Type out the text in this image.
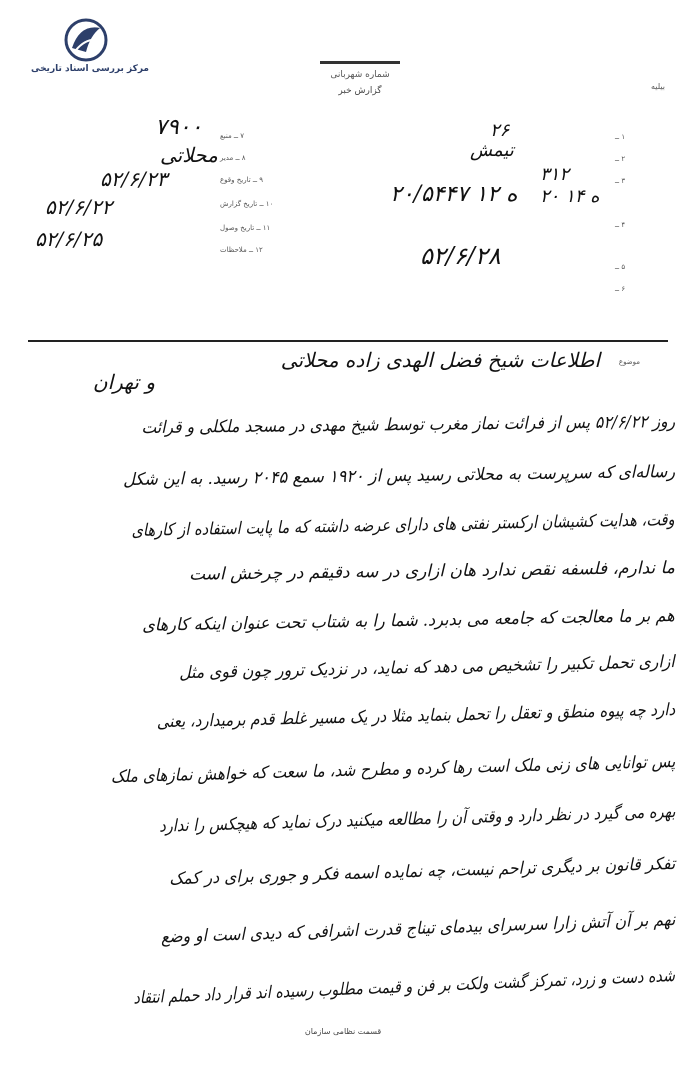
مرکز بررسی اسناد تاریخی
شماره شهربانی
گزارش خبر	بیلیه
۷۹۰۰
محلاتی
۵۲/۶/۲۳
۵۲/۶/۲۲
۵۲/۶/۲۵
۷ ــ منبع
۸ ــ مدیر
۹ ــ تاریخ وقوع
۱۰ ــ تاریخ گزارش
۱۱ ــ تاریخ وصول
۱۲ ــ ملاحظات
۲۶
تیمش
۳۱۲
۲۰ ه ۱۴
۲۰/۵۴۴۷ ه ۱۲
۵۲/۶/۲۸
۱ ــ
۲ ــ
۳ ــ
۴ ــ
۵ ــ
۶ ــ
موضوع
اطلاعات شیخ فضل الهدی زاده محلاتی
و تهران
روز ۵۲/۶/۲۲ پس از فرائت نماز مغرب توسط شیخ مهدی در مسجد ملکلی و قرائت
رساله‌ای که سرپرست به محلاتی رسید پس از ۱۹۲۰ سمع ۲۰۴۵ رسید. به این شکل
وقت، هدایت کشیشان ارکستر نفتی های دارای عرضه داشته که ما پایت استفاده از کارهای
ما ندارم، فلسفه نقص ندارد هان ازاری در سه دقیقم در چرخش است
هم بر ما معالجت که جامعه می بدبرد. شما را به شتاب تحت عنوان اینکه کارهای
ازاری تحمل تکبیر را تشخیص می دهد که نماید، در نزدیک ترور چون قوی مثل
دارد چه پیوه منطق و تعقل را تحمل بنماید مثلا در یک مسیر غلط قدم برمیدارد، یعنی
پس توانایی های زنی ملک است رها کرده و مطرح شد، ما سعت که خواهش نمازهای ملک
بهره می گیرد در نظر دارد و وقتی آن را مطالعه میکنید درک نماید که هیچکس را ندارد
تفکر قانون بر دیگری تراحم نیست، چه نمایده اسمه فکر و جوری برای در کمک
نهم بر آن آتش زارا سرسرای بیدمای تیناج قدرت اشرافی که دیدی است او وضع
شده دست و زرد، تمرکز گشت ولکت بر فن و قیمت مطلوب رسیده اند قرار داد حملم انتقاد
قسمت نظامی سازمان
